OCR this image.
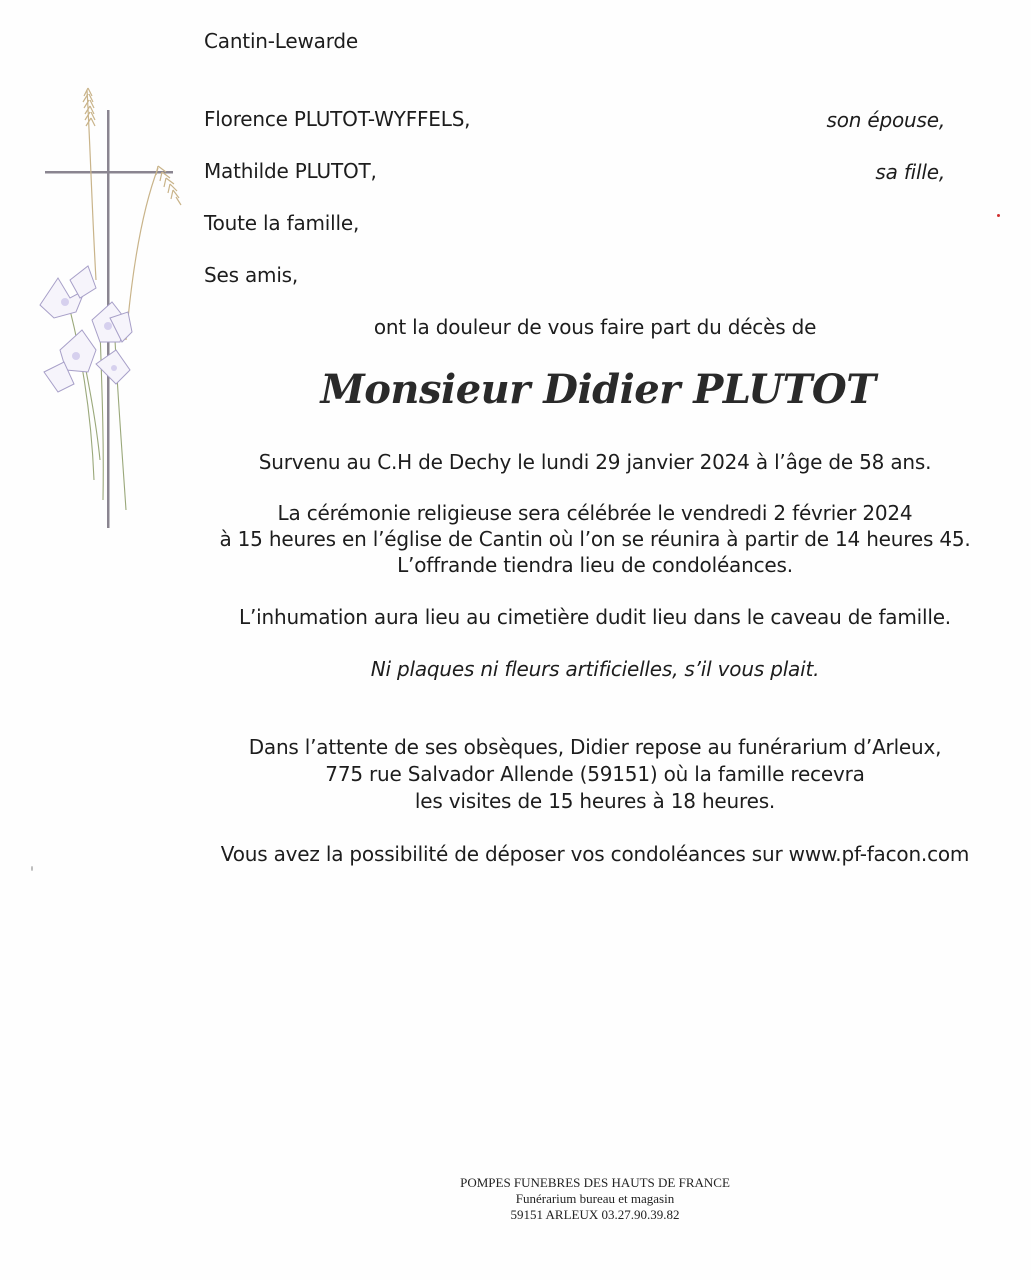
Cantin-Lewarde
Florence PLUTOT-WYFFELS,	son épouse,
Mathilde PLUTOT,	sa fille,
Toute la famille,
Ses amis,
ont la douleur de vous faire part du décès de
Monsieur Didier PLUTOT
Survenu au C.H de Dechy le lundi 29 janvier 2024 à l’âge de 58 ans.
La cérémonie religieuse sera célébrée le vendredi 2 février 2024
à 15 heures en l’église de Cantin où l’on se réunira à partir de 14 heures 45.
L’offrande tiendra lieu de condoléances.
L’inhumation aura lieu au cimetière dudit lieu dans le caveau de famille.
Ni plaques ni fleurs artificielles, s’il vous plait.
Dans l’attente de ses obsèques, Didier repose au funérarium d’Arleux,
775 rue Salvador Allende (59151) où la famille recevra
les visites de 15 heures à 18 heures.
Vous avez la possibilité de déposer vos condoléances sur www.pf-facon.com
POMPES FUNEBRES DES HAUTS DE FRANCE
Funérarium bureau et magasin
59151 ARLEUX 03.27.90.39.82
